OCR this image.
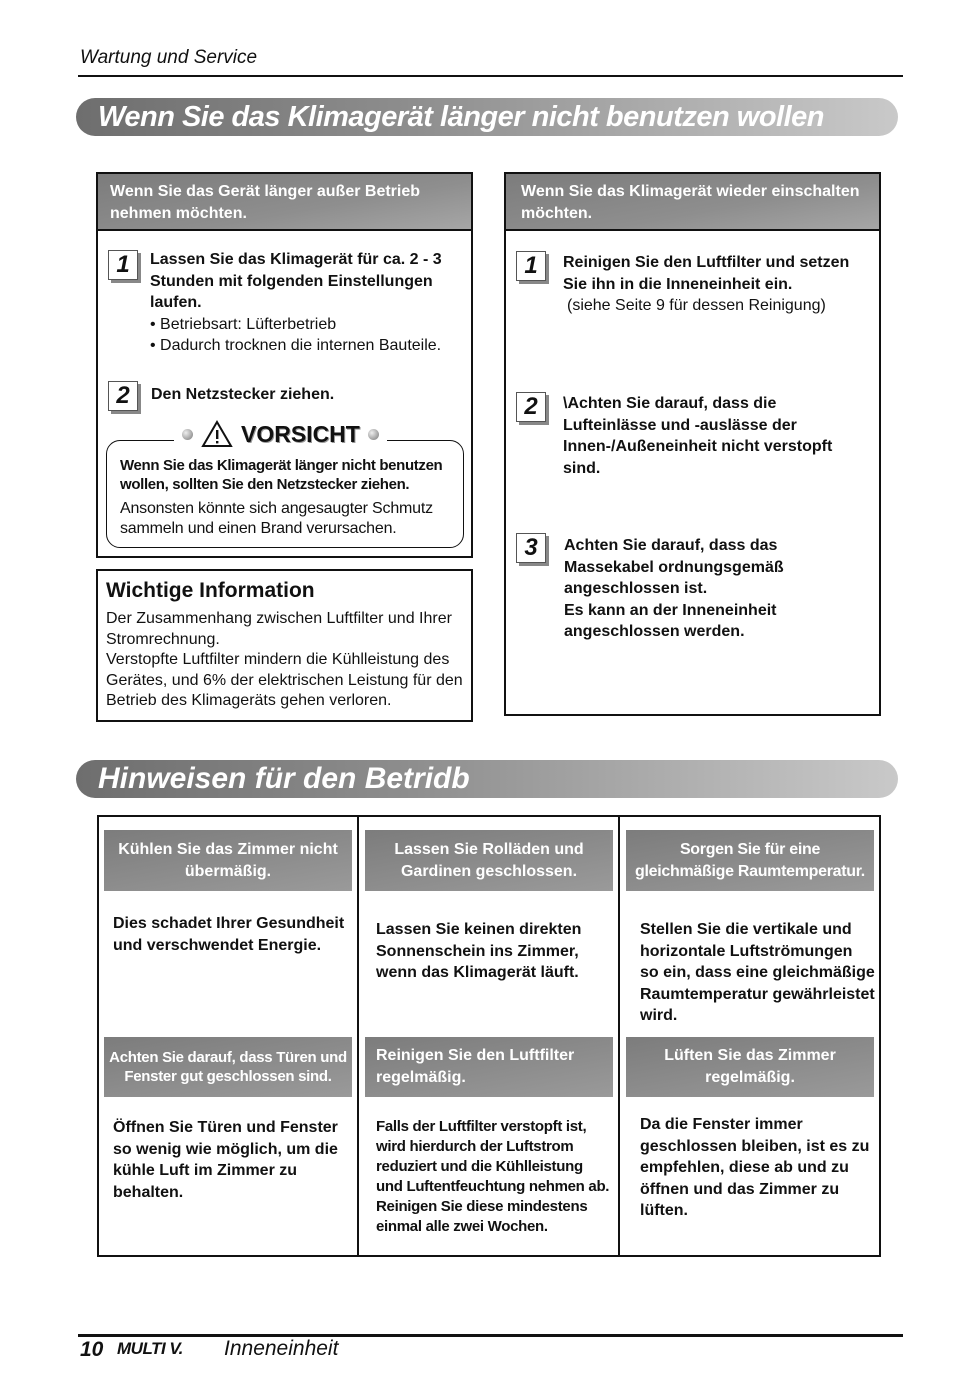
Wartung und Service
Wenn Sie das Klimagerät länger nicht benutzen wollen
Wenn Sie das Gerät länger außer Betrieb nehmen möchten.
1	Lassen Sie das Klimagerät für ca. 2 - 3 Stunden mit folgenden Einstellungen laufen.
• Betriebsart: Lüfterbetrieb
• Dadurch trocknen die internen Bauteile.
2	Den Netzstecker ziehen.
Wenn Sie das Klimagerät länger nicht benutzen wollen, sollten Sie den Netzstecker ziehen.
Ansonsten könnte sich angesaugter Schmutz sammeln und einen Brand verursachen.
VORSICHT
Wichtige Information
Der Zusammenhang zwischen Luftfilter und Ihrer Stromrechnung.
Verstopfte Luftfilter mindern die Kühlleistung des Gerätes, und 6% der elektrischen Leistung für den Betrieb des Klimageräts gehen verloren.
Wenn Sie das Klimagerät wieder einschalten möchten.
1	Reinigen Sie den Luftfilter und setzen Sie ihn in die Inneneinheit ein.
(siehe Seite 9 für dessen Reinigung)
2	\Achten Sie darauf, dass die Lufteinlässe und -auslässe der Innen-/Außeneinheit nicht verstopft sind.
3	Achten Sie darauf, dass das Massekabel ordnungsgemäß angeschlossen ist.
Es kann an der Inneneinheit angeschlossen werden.
Hinweisen für den Betridb
Kühlen Sie das Zimmer nicht übermäßig.
Dies schadet Ihrer Gesundheit und verschwendet Energie.
Lassen Sie Rolläden und Gardinen geschlossen.
Lassen Sie keinen direkten Sonnenschein ins Zimmer, wenn das Klimagerät läuft.
Sorgen Sie für eine gleichmäßige Raumtemperatur.
Stellen Sie die vertikale und horizontale Luftströmungen so ein, dass eine gleichmäßige Raumtemperatur gewährleistet wird.
Achten Sie darauf, dass Türen und Fenster gut geschlossen sind.
Öffnen Sie Türen und Fenster so wenig wie möglich, um die kühle Luft im Zimmer zu behalten.
Reinigen Sie den Luftfilter regelmäßig.
Falls der Luftfilter verstopft ist, wird hierdurch der Luftstrom reduziert und die Kühlleistung und Luftentfeuchtung nehmen ab. Reinigen Sie diese mindestens einmal alle zwei Wochen.
Lüften Sie das Zimmer regelmäßig.
Da die Fenster immer geschlossen bleiben, ist es zu empfehlen, diese ab und zu öffnen und das Zimmer zu lüften.
10 MULTI V. Inneneinheit
